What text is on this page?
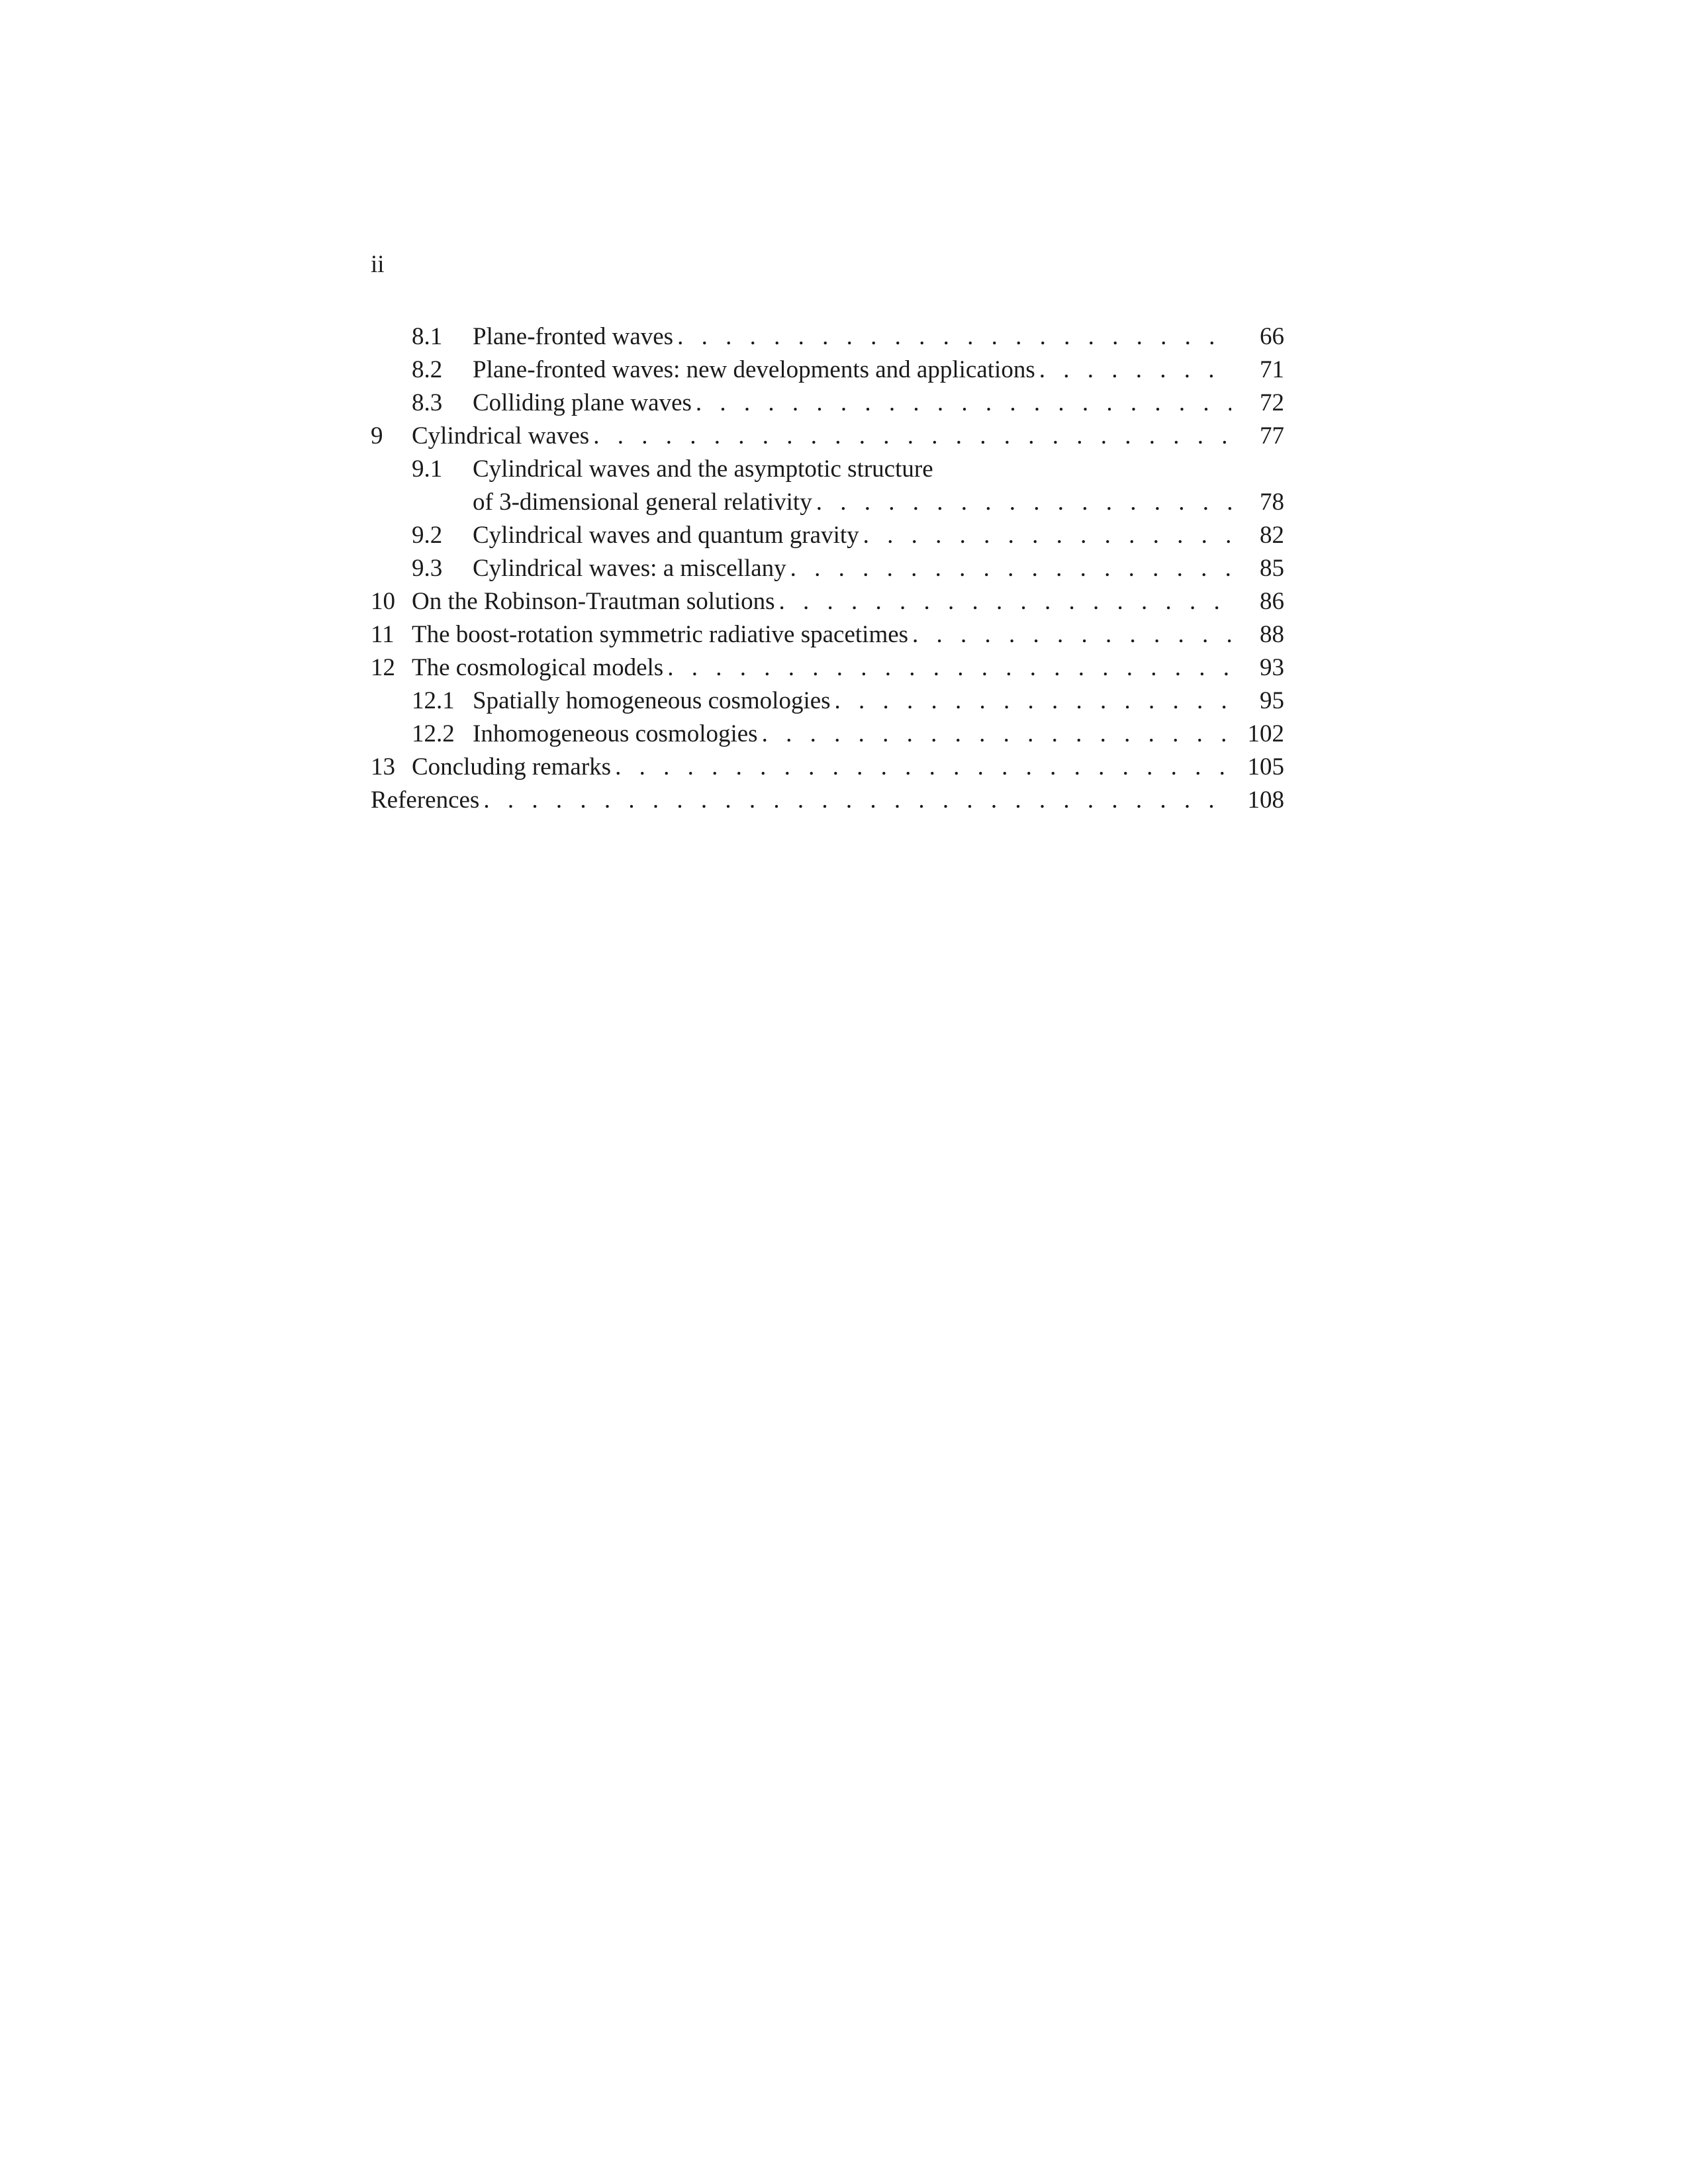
ii
8.1 Plane-fronted waves . . .	66
8.2 Plane-fronted waves: new developments and applications . . .	71
8.3 Colliding plane waves . . .	72
9 Cylindrical waves . . .	77
9.1 Cylindrical waves and the asymptotic structure
of 3-dimensional general relativity . . .	78
9.2 Cylindrical waves and quantum gravity . . .	82
9.3 Cylindrical waves: a miscellany . . .	85
10 On the Robinson-Trautman solutions . . .	86
11 The boost-rotation symmetric radiative spacetimes . . .	88
12 The cosmological models . . .	93
12.1 Spatially homogeneous cosmologies . . .	95
12.2 Inhomogeneous cosmologies . . .	102
13 Concluding remarks . . .	105
References . . .	108
